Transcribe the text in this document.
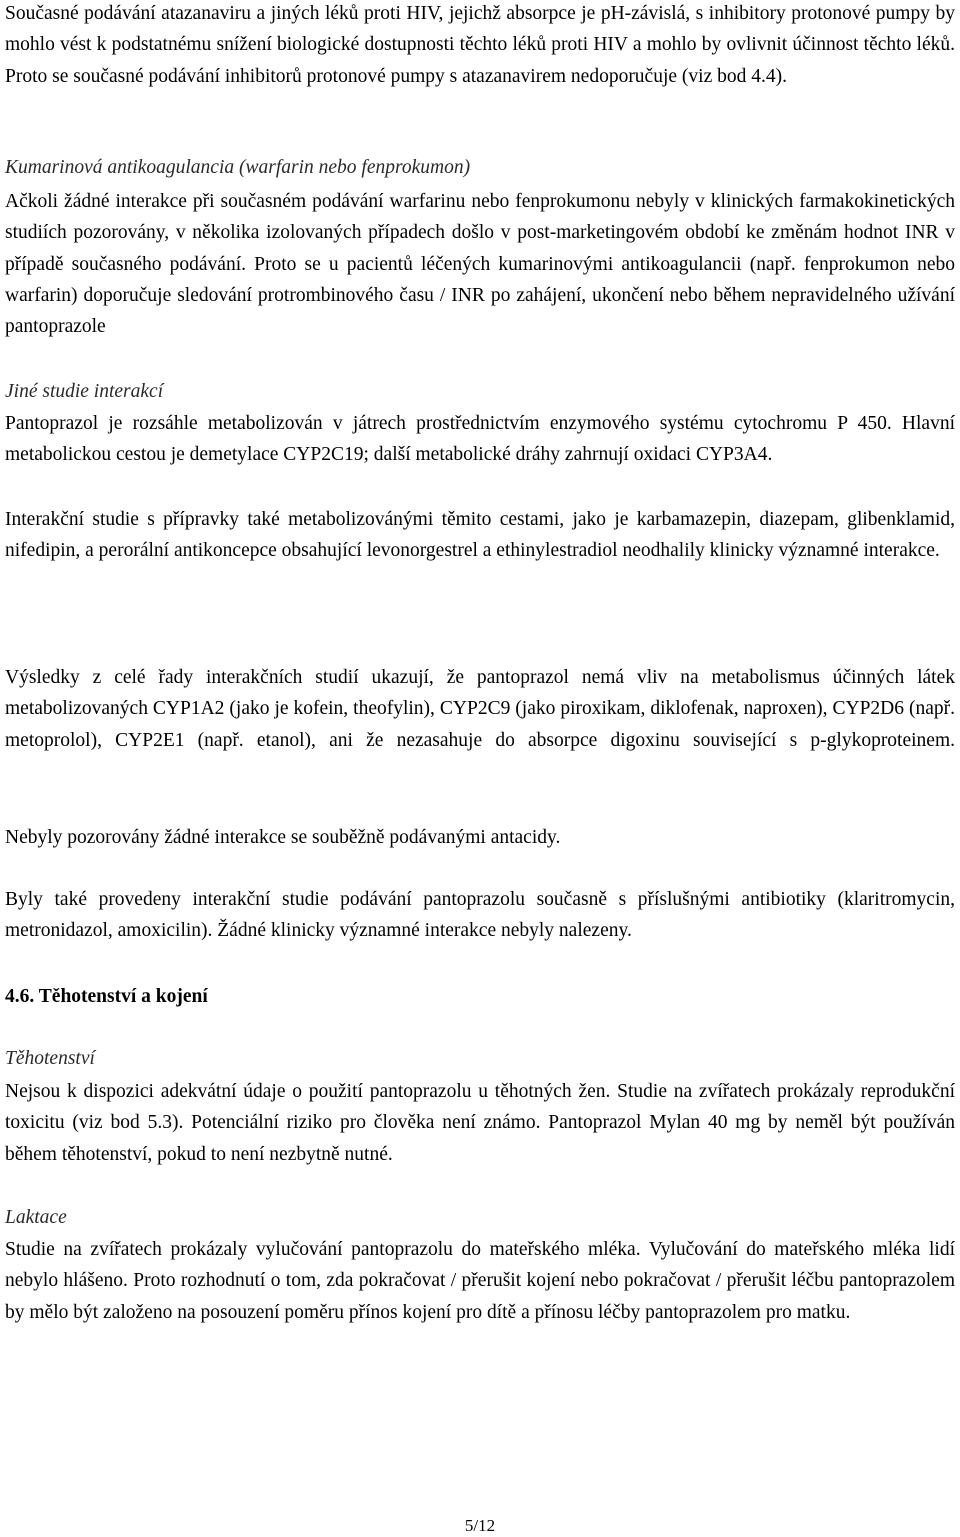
Současné podávání atazanaviru a jiných léků proti HIV, jejichž absorpce je pH-závislá, s inhibitory protonové pumpy by mohlo vést k podstatnému snížení biologické dostupnosti těchto léků proti HIV a mohlo by ovlivnit účinnost těchto léků. Proto se současné podávání inhibitorů protonové pumpy s atazanavirem nedoporučuje (viz bod 4.4).

Kumarinová antikoagulancia (warfarin nebo fenprokumon)

Ačkoli žádné interakce při současném podávání warfarinu nebo fenprokumonu nebyly v klinických farmakokinetických studiích pozorovány, v několika izolovaných případech došlo v post-marketingovém období ke změnám hodnot INR v případě současného podávání. Proto se u pacientů léčených kumarinovými antikoagulancii (např. fenprokumon nebo warfarin) doporučuje sledování protrombinového času / INR po zahájení, ukončení nebo během nepravidelného užívání pantoprazole

Jiné studie interakcí

Pantoprazol je rozsáhle metabolizován v játrech prostřednictvím enzymového systému cytochromu P 450. Hlavní metabolickou cestou je demetylace CYP2C19; další metabolické dráhy zahrnují oxidaci CYP3A4.

Interakční studie s přípravky také metabolizovánými těmito cestami, jako je karbamazepin, diazepam, glibenklamid, nifedipin, a perorální antikoncepce obsahující levonorgestrel a ethinylestradiol neodhalily klinicky významné interakce.

Výsledky z celé řady interakčních studií ukazují, že pantoprazol nemá vliv na metabolismus účinných látek metabolizovaných CYP1A2 (jako je kofein, theofylin), CYP2C9 (jako piroxikam, diklofenak, naproxen), CYP2D6 (např. metoprolol), CYP2E1 (např. etanol), ani že nezasahuje do absorpce digoxinu související s p-glykoproteinem.

Nebyly pozorovány žádné interakce se souběžně podávanými antacidy.

Byly také provedeny interakční studie podávání pantoprazolu současně s příslušnými antibiotiky (klaritromycin, metronidazol, amoxicilin). Žádné klinicky významné interakce nebyly nalezeny.

4.6. Těhotenství a kojení

Těhotenství

Nejsou k dispozici adekvátní údaje o použití pantoprazolu u těhotných žen. Studie na zvířatech prokázaly reprodukční toxicitu (viz bod 5.3). Potenciální riziko pro člověka není známo. Pantoprazol Mylan 40 mg by neměl být používán během těhotenství, pokud to není nezbytně nutné.

Laktace

Studie na zvířatech prokázaly vylučování pantoprazolu do mateřského mléka. Vylučování do mateřského mléka lidí nebylo hlášeno. Proto rozhodnutí o tom, zda pokračovat / přerušit kojení nebo pokračovat / přerušit léčbu pantoprazolem by mělo být založeno na posouzení poměru přínos kojení pro dítě a přínosu léčby pantoprazolem pro matku.

5/12
